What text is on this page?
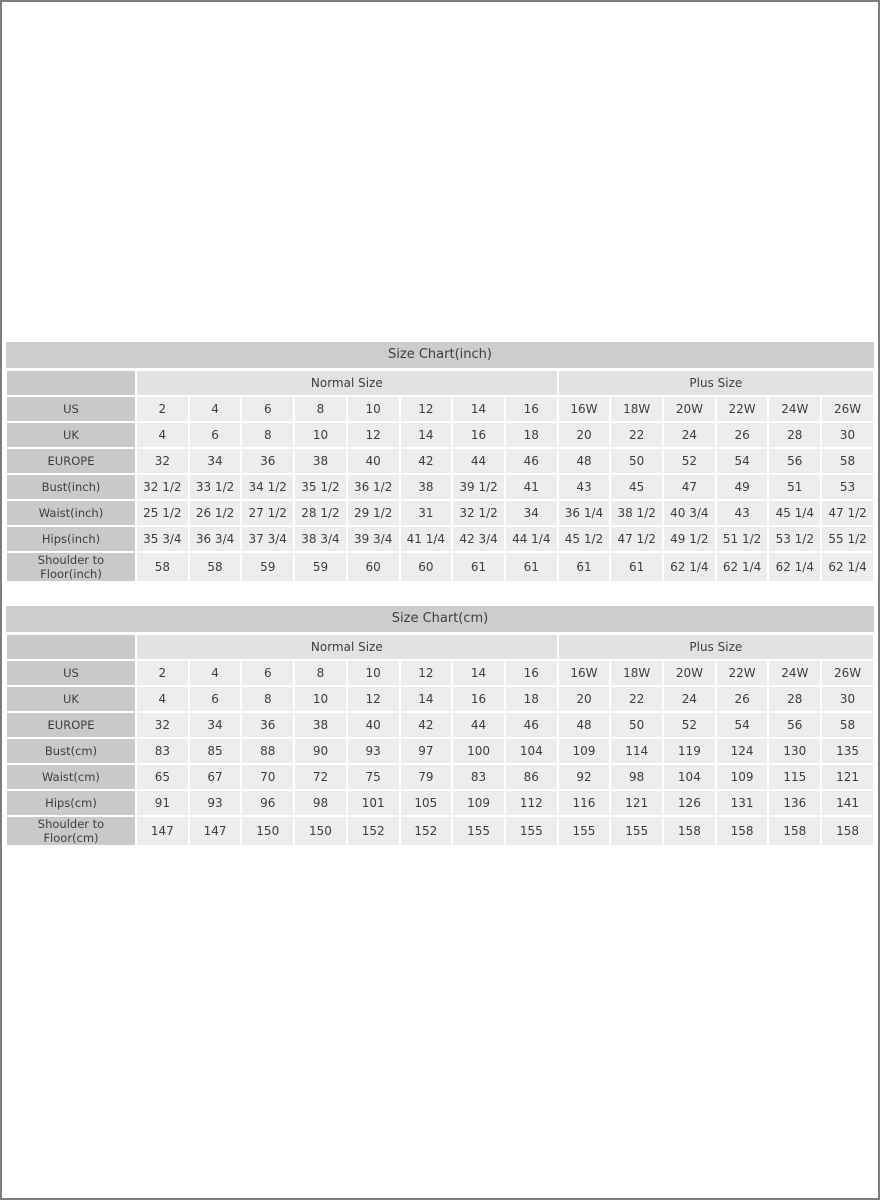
Size Chart(inch)
	Normal Size								Plus Size					
US	2	4	6	8	10	12	14	16	16W	18W	20W	22W	24W	26W
UK	4	6	8	10	12	14	16	18	20	22	24	26	28	30
EUROPE	32	34	36	38	40	42	44	46	48	50	52	54	56	58
Bust(inch)	32 1/2	33 1/2	34 1/2	35 1/2	36 1/2	38	39 1/2	41	43	45	47	49	51	53
Waist(inch)	25 1/2	26 1/2	27 1/2	28 1/2	29 1/2	31	32 1/2	34	36 1/4	38 1/2	40 3/4	43	45 1/4	47 1/2
Hips(inch)	35 3/4	36 3/4	37 3/4	38 3/4	39 3/4	41 1/4	42 3/4	44 1/4	45 1/2	47 1/2	49 1/2	51 1/2	53 1/2	55 1/2
Shoulder to Floor(inch)	58	58	59	59	60	60	61	61	61	61	62 1/4	62 1/4	62 1/4	62 1/4
Size Chart(cm)
	Normal Size								Plus Size					
US	2	4	6	8	10	12	14	16	16W	18W	20W	22W	24W	26W
UK	4	6	8	10	12	14	16	18	20	22	24	26	28	30
EUROPE	32	34	36	38	40	42	44	46	48	50	52	54	56	58
Bust(cm)	83	85	88	90	93	97	100	104	109	114	119	124	130	135
Waist(cm)	65	67	70	72	75	79	83	86	92	98	104	109	115	121
Hips(cm)	91	93	96	98	101	105	109	112	116	121	126	131	136	141
Shoulder to Floor(cm)	147	147	150	150	152	152	155	155	155	155	158	158	158	158
